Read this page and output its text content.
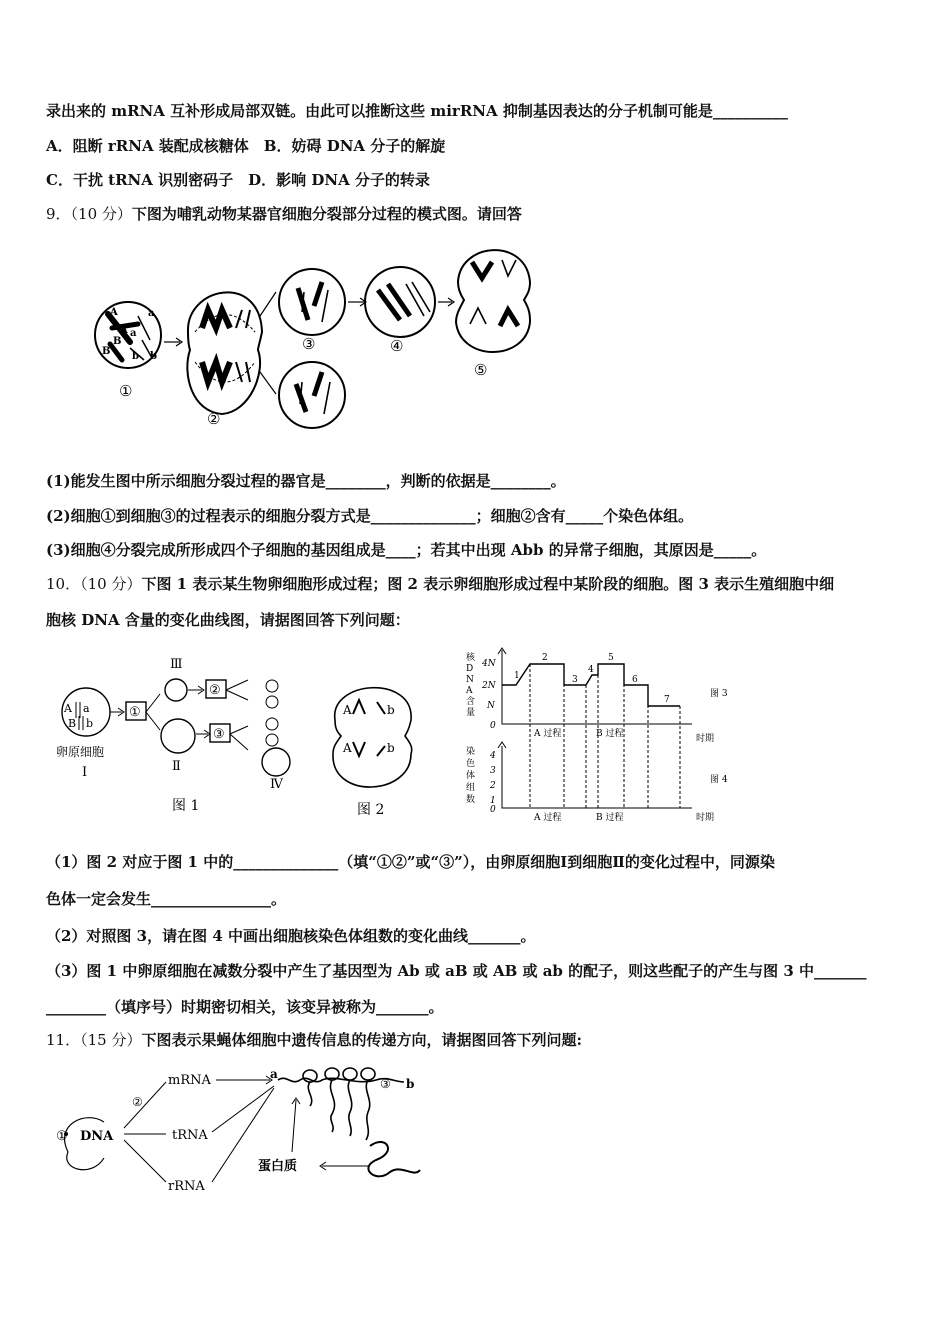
录出来的 mRNA 互补形成局部双链。由此可以推断这些 mirRNA 抑制基因表达的分子机制可能是__________
A．阻断 rRNA 装配成核糖体　B．妨碍 DNA 分子的解旋
C．干扰 tRNA 识别密码子　D．影响 DNA 分子的转录
9．（10 分）下图为哺乳动物某器官细胞分裂部分过程的模式图。请回答
A	a
A a
B
B b b
①
②
③	④
⑤
(1)能发生图中所示细胞分裂过程的器官是________，判断的依据是________。
(2)细胞①到细胞③的过程表示的细胞分裂方式是______________；细胞②含有_____个染色体组。
(3)细胞④分裂完成所形成四个子细胞的基因组成是____；若其中出现 Abb 的异常子细胞，其原因是_____。
10．（10 分）下图 1 表示某生物卵细胞形成过程；图 2 表示卵细胞形成过程中某阶段的细胞。图 3 表示生殖细胞中细
胞核 DNA 含量的变化曲线图，请据图回答下列问题：
A a
B b
卵原细胞
Ⅰ
①
Ⅲ
②
Ⅱ
③
Ⅳ
图 1
A	b
A	b
图 2
核
D
N
A
含
量
染
色
体
组
数
4N
2N
N
0
1
2
3
4
5
6
7
A 过程	B 过程	时期
图 3
4
3
2
1
0
A 过程	B 过程	时期
图 4
（1）图 2 对应于图 1 中的______________（填“①②”或“③”），由卵原细胞Ⅰ到细胞Ⅱ的变化过程中，同源染
色体一定会发生________________。
（2）对照图 3，请在图 4 中画出细胞核染色体组数的变化曲线_______。
（3）图 1 中卵原细胞在减数分裂中产生了基因型为 Ab 或 aB 或 AB 或 ab 的配子，则这些配子的产生与图 3 中_______
________（填序号）时期密切相关，该变异被称为_______。
11．（15 分）下图表示果蝇体细胞中遗传信息的传递方向，请据图回答下列问题:
① DNA
②
mRNA
tRNA
rRNA
a
③ b
蛋白质
